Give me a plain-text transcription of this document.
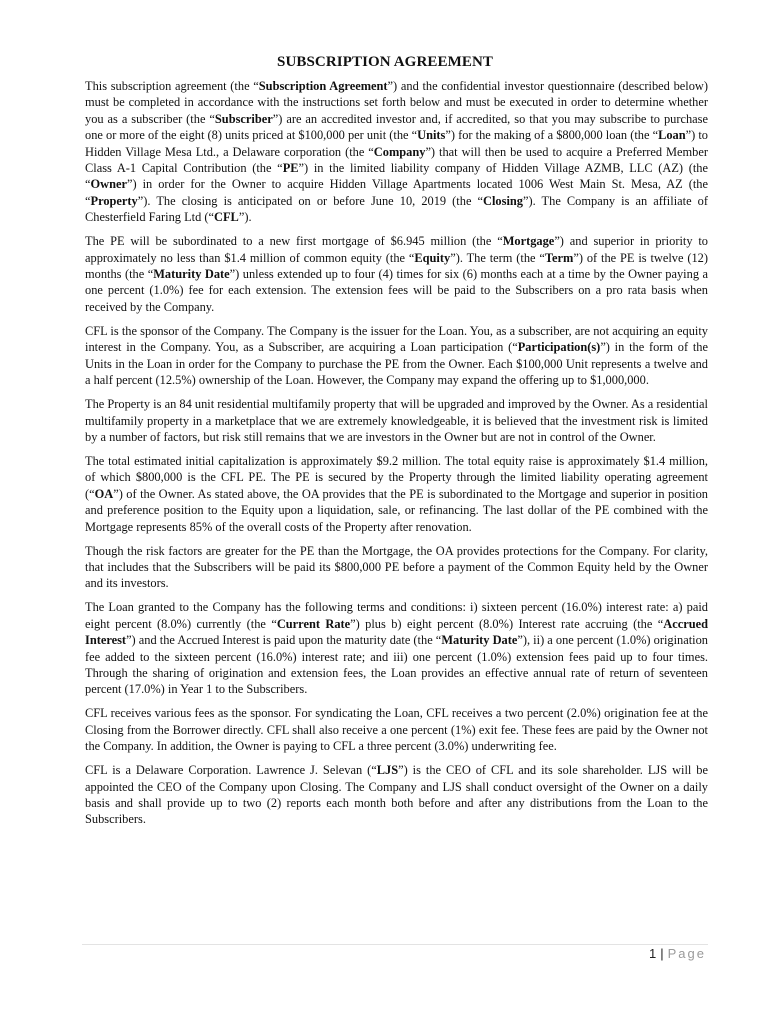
SUBSCRIPTION AGREEMENT

This subscription agreement (the “Subscription Agreement”) and the confidential investor questionnaire (described below) must be completed in accordance with the instructions set forth below and must be executed in order to determine whether you as a subscriber (the “Subscriber”) are an accredited investor and, if accredited, so that you may subscribe to purchase one or more of the eight (8) units priced at $100,000 per unit (the “Units”) for the making of a $800,000 loan (the “Loan”) to Hidden Village Mesa Ltd., a Delaware corporation (the “Company”) that will then be used to acquire a Preferred Member Class A-1 Capital Contribution (the “PE”) in the limited liability company of Hidden Village AZMB, LLC (AZ) (the “Owner”) in order for the Owner to acquire Hidden Village Apartments located 1006 West Main St. Mesa, AZ (the “Property”). The closing is anticipated on or before June 10, 2019 (the “Closing”). The Company is an affiliate of Chesterfield Faring Ltd (“CFL”).

The PE will be subordinated to a new first mortgage of $6.945 million (the “Mortgage”) and superior in priority to approximately no less than $1.4 million of common equity (the “Equity”). The term (the “Term”) of the PE is twelve (12) months (the “Maturity Date”) unless extended up to four (4) times for six (6) months each at a time by the Owner paying a one percent (1.0%) fee for each extension. The extension fees will be paid to the Subscribers on a pro rata basis when received by the Company.

CFL is the sponsor of the Company. The Company is the issuer for the Loan. You, as a subscriber, are not acquiring an equity interest in the Company. You, as a Subscriber, are acquiring a Loan participation (“Participation(s)”) in the form of the Units in the Loan in order for the Company to purchase the PE from the Owner. Each $100,000 Unit represents a twelve and a half percent (12.5%) ownership of the Loan. However, the Company may expand the offering up to $1,000,000.

The Property is an 84 unit residential multifamily property that will be upgraded and improved by the Owner. As a residential multifamily property in a marketplace that we are extremely knowledgeable, it is believed that the investment risk is limited by a number of factors, but risk still remains that we are investors in the Owner but are not in control of the Owner.

The total estimated initial capitalization is approximately $9.2 million. The total equity raise is approximately $1.4 million, of which $800,000 is the CFL PE. The PE is secured by the Property through the limited liability operating agreement (“OA”) of the Owner. As stated above, the OA provides that the PE is subordinated to the Mortgage and superior in position and preference position to the Equity upon a liquidation, sale, or refinancing. The last dollar of the PE combined with the Mortgage represents 85% of the overall costs of the Property after renovation.

Though the risk factors are greater for the PE than the Mortgage, the OA provides protections for the Company. For clarity, that includes that the Subscribers will be paid its $800,000 PE before a payment of the Common Equity held by the Owner and its investors.

The Loan granted to the Company has the following terms and conditions: i) sixteen percent (16.0%) interest rate: a) paid eight percent (8.0%) currently (the “Current Rate”) plus b) eight percent (8.0%) Interest rate accruing (the “Accrued Interest”) and the Accrued Interest is paid upon the maturity date (the “Maturity Date”), ii) a one percent (1.0%) origination fee added to the sixteen percent (16.0%) interest rate; and iii) one percent (1.0%) extension fees paid up to four times. Through the sharing of origination and extension fees, the Loan provides an effective annual rate of return of seventeen percent (17.0%) in Year 1 to the Subscribers.

CFL receives various fees as the sponsor. For syndicating the Loan, CFL receives a two percent (2.0%) origination fee at the Closing from the Borrower directly. CFL shall also receive a one percent (1%) exit fee. These fees are paid by the Owner not the Company. In addition, the Owner is paying to CFL a three percent (3.0%) underwriting fee.

CFL is a Delaware Corporation. Lawrence J. Selevan (“LJS”) is the CEO of CFL and its sole shareholder. LJS will be appointed the CEO of the Company upon Closing. The Company and LJS shall conduct oversight of the Owner on a daily basis and shall provide up to two (2) reports each month both before and after any distributions from the Loan to the Subscribers.

1 | Page
